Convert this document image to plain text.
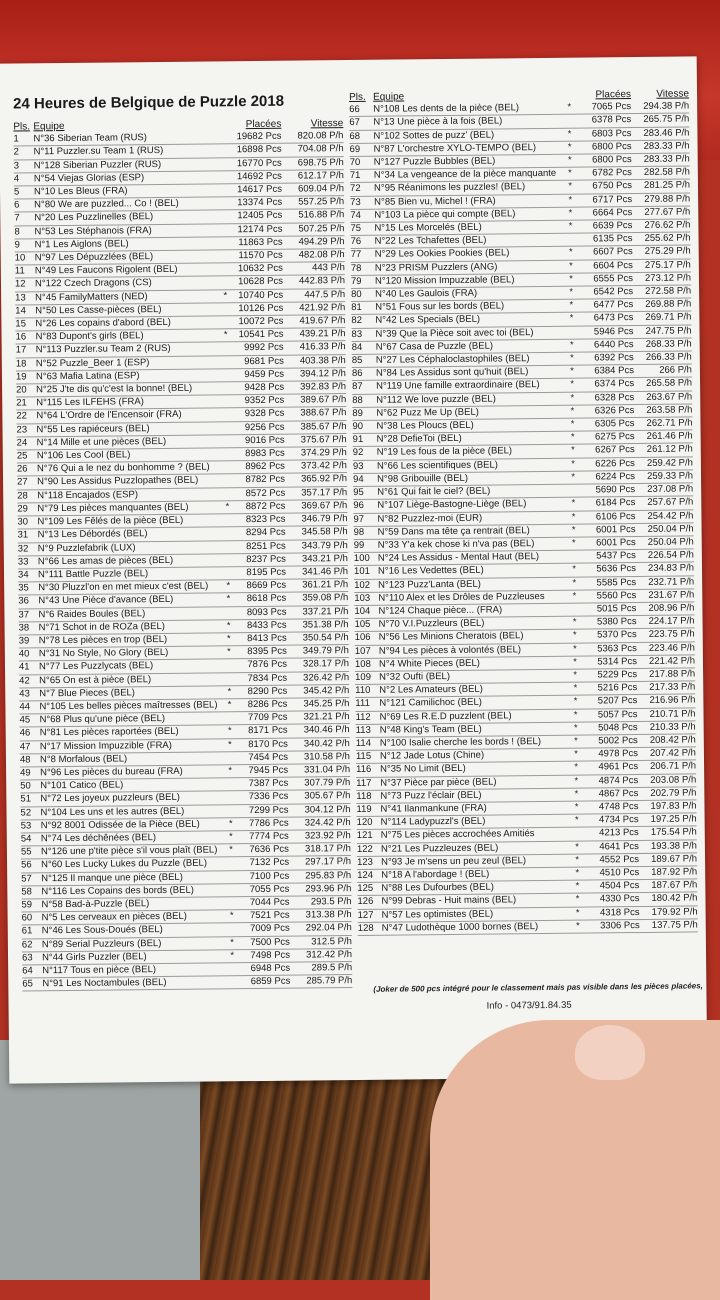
24 Heures de Belgique de Puzzle 2018
Pls. Equipe	Placées	Vitesse
1	N°36 Siberian Team (RUS)	19682 Pcs	820.08 P/h
2	N°11 Puzzler.su Team 1 (RUS)	16898 Pcs	704.08 P/h
3	N°128 Siberian Puzzler (RUS)	16770 Pcs	698.75 P/h
4	N°54 Viejas Glorias (ESP)	14692 Pcs	612.17 P/h
5	N°10 Les Bleus (FRA)	14617 Pcs	609.04 P/h
6	N°80 We are puzzled... Co ! (BEL)	13374 Pcs	557.25 P/h
7	N°20 Les Puzzlinelles (BEL)	12405 Pcs	516.88 P/h
8	N°53 Les Stéphanois (FRA)	12174 Pcs	507.25 P/h
9	N°1 Les Aiglons (BEL)	11863 Pcs	494.29 P/h
10 N°97 Les Dépuzzlées (BEL)	11570 Pcs	482.08 P/h
11	N°49 Les Faucons Rigolent (BEL)	10632 Pcs	443 P/h
12 N°122 Czech Dragons (CS)	10628 Pcs	442.83 P/h
13 N°45 FamilyMatters (NED)	*	10740 Pcs	447.5 P/h
14 N°50 Les Casse-pièces (BEL)	10126 Pcs	421.92 P/h
15 N°26 Les copains d'abord (BEL)	10072 Pcs	419.67 P/h
16 N°83 Dupont's girls (BEL)	*	10541 Pcs	439.21 P/h
17 N°113 Puzzler.su Team 2 (RUS)	9992 Pcs	416.33 P/h
18 N°52 Puzzle_Beer 1 (ESP)	9681 Pcs	403.38 P/h
19 N°63 Mafia Latina (ESP)	9459 Pcs	394.12 P/h
20 N°25 J'te dis qu'c'est la bonne! (BEL)	9428 Pcs	392.83 P/h
21 N°115 Les ILFEHS (FRA)	9352 Pcs	389.67 P/h
22 N°64 L'Ordre de l'Encensoir (FRA)	9328 Pcs	388.67 P/h
23 N°55 Les rapiéceurs (BEL)	9256 Pcs	385.67 P/h
24 N°14 Mille et une pièces (BEL)	9016 Pcs	375.67 P/h
25 N°106 Les Cool (BEL)	8983 Pcs	374.29 P/h
26 N°76 Qui a le nez du bonhomme ? (BEL)	8962 Pcs	373.42 P/h
27 N°90 Les Assidus Puzzlopathes (BEL)	8782 Pcs	365.92 P/h
28 N°118 Encajados (ESP)	8572 Pcs	357.17 P/h
29 N°79 Les pièces manquantes (BEL)	*	8872 Pcs	369.67 P/h
30 N°109 Les Fêlés de la pièce (BEL)	8323 Pcs	346.79 P/h
31 N°13 Les Débordés (BEL)	8294 Pcs	345.58 P/h
32 N°9 Puzzlefabrik (LUX)	8251 Pcs	343.79 P/h
33 N°66 Les amas de pièces (BEL)	8237 Pcs	343.21 P/h
34 N°111 Battle Puzzle (BEL)	8195 Pcs	341.46 P/h
35 N°30 Pluzzl'on en met mieux c'est (BEL)	*	8669 Pcs	361.21 P/h
36 N°43 Une Pièce d'avance (BEL)	*	8618 Pcs	359.08 P/h
37 N°6 Raides Boules (BEL)	8093 Pcs	337.21 P/h
38 N°71 Schot in de ROZa (BEL)	*	8433 Pcs	351.38 P/h
39 N°78 Les pièces en trop (BEL)	*	8413 Pcs	350.54 P/h
40 N°31 No Style, No Glory (BEL)	*	8395 Pcs	349.79 P/h
41 N°77 Les Puzzlycats (BEL)	7876 Pcs	328.17 P/h
42 N°65 On est à pièce (BEL)	7834 Pcs	326.42 P/h
43 N°7 Blue Pieces (BEL)	*	8290 Pcs	345.42 P/h
44 N°105 Les belles pièces maîtresses (BEL)	*	8286 Pcs	345.25 P/h
45 N°68 Plus qu'une pièce (BEL)	7709 Pcs	321.21 P/h
46 N°81 Les pièces raportées (BEL)	*	8171 Pcs	340.46 P/h
47 N°17 Mission Impuzzible (FRA)	*	8170 Pcs	340.42 P/h
48 N°8 Morfalous (BEL)	7454 Pcs	310.58 P/h
49 N°96 Les pièces du bureau (FRA)	*	7945 Pcs	331.04 P/h
50 N°101 Catico (BEL)	7387 Pcs	307.79 P/h
51 N°72 Les joyeux puzzleurs (BEL)	7336 Pcs	305.67 P/h
52 N°104 Les uns et les autres (BEL)	7299 Pcs	304.12 P/h
53 N°92 8001 Odissée de la Pièce (BEL)	*	7786 Pcs	324.42 P/h
54 N°74 Les déchênées (BEL)	*	7774 Pcs	323.92 P/h
55 N°126 une p'tite pièce s'il vous plaît (BEL)	*	7636 Pcs	318.17 P/h
56 N°60 Les Lucky Lukes du Puzzle (BEL)	7132 Pcs	297.17 P/h
57 N°125 Il manque une pièce (BEL)	7100 Pcs	295.83 P/h
58 N°116 Les Copains des bords (BEL)	7055 Pcs	293.96 P/h
59 N°58 Bad-à-Puzzle (BEL)	7044 Pcs	293.5 P/h
60 N°5 Les cerveaux en pièces (BEL)	*	7521 Pcs	313.38 P/h
61 N°46 Les Sous-Doués (BEL)	7009 Pcs	292.04 P/h
62 N°89 Serial Puzzleurs (BEL)	*	7500 Pcs	312.5 P/h
63 N°44 Girls Puzzler (BEL)	*	7498 Pcs	312.42 P/h
64 N°117 Tous en pièce (BEL)	6948 Pcs	289.5 P/h
65 N°91 Les Noctambules (BEL)	6859 Pcs	285.79 P/h
Pls. Equipe	Placées	Vitesse
66	N°108 Les dents de la pièce (BEL)	*	7065 Pcs	294.38 P/h
67	N°13 Une pièce à la fois (BEL)	6378 Pcs	265.75 P/h
68	N°102 Sottes de puzz' (BEL)	*	6803 Pcs	283.46 P/h
69	N°87 L'orchestre XYLO-TEMPO (BEL)	*	6800 Pcs	283.33 P/h
70	N°127 Puzzle Bubbles (BEL)	*	6800 Pcs	283.33 P/h
71	N°34 La vengeance de la pièce manquante	*	6782 Pcs	282.58 P/h
72	N°95 Réanimons les puzzles! (BEL)	*	6750 Pcs	281.25 P/h
73	N°85 Bien vu, Michel ! (FRA)	*	6717 Pcs	279.88 P/h
74	N°103 La pièce qui compte (BEL)	*	6664 Pcs	277.67 P/h
75	N°15 Les Morcelés (BEL)	*	6639 Pcs	276.62 P/h
76	N°22 Les Tchafettes (BEL)	6135 Pcs	255.62 P/h
77	N°29 Les Ookies Pookies (BEL)	*	6607 Pcs	275.29 P/h
78	N°23 PRISM Puzzlers (ANG)	*	6604 Pcs	275.17 P/h
79	N°120 Mission Impuzzable (BEL)	*	6555 Pcs	273.12 P/h
80	N°40 Les Gaulois (FRA)	*	6542 Pcs	272.58 P/h
81	N°51 Fous sur les bords (BEL)	*	6477 Pcs	269.88 P/h
82	N°42 Les Specials (BEL)	*	6473 Pcs	269.71 P/h
83	N°39 Que la Pièce soit avec toi (BEL)	5946 Pcs	247.75 P/h
84	N°67 Casa de Puzzle (BEL)	*	6440 Pcs	268.33 P/h
85	N°27 Les Céphaloclastophiles (BEL)	*	6392 Pcs	266.33 P/h
86	N°84 Les Assidus sont qu'huit (BEL)	*	6384 Pcs	266 P/h
87	N°119 Une famille extraordinaire (BEL)	*	6374 Pcs	265.58 P/h
88	N°112 We love puzzle (BEL)	*	6328 Pcs	263.67 P/h
89	N°62 Puzz Me Up (BEL)	*	6326 Pcs	263.58 P/h
90	N°38 Les Ploucs (BEL)	*	6305 Pcs	262.71 P/h
91	N°28 DefieToi (BEL)	*	6275 Pcs	261.46 P/h
92	N°19 Les fous de la pièce (BEL)	*	6267 Pcs	261.12 P/h
93	N°66 Les scientifiques (BEL)	*	6226 Pcs	259.42 P/h
94	N°98 Gribouille (BEL)	*	6224 Pcs	259.33 P/h
95	N°61 Qui fait le ciel? (BEL)	5690 Pcs	237.08 P/h
96	N°107 Liège-Bastogne-Liège (BEL)	*	6184 Pcs	257.67 P/h
97	N°82 Puzzlez-moi (EUR)	*	6106 Pcs	254.42 P/h
98	N°59 Dans ma tête ça rentrait (BEL)	*	6001 Pcs	250.04 P/h
99	N°33 Y'a kek chose ki n'va pas (BEL)	*	6001 Pcs	250.04 P/h
100 N°24 Les Assidus - Mental Haut (BEL)	5437 Pcs	226.54 P/h
101 N°16 Les Vedettes (BEL)	*	5636 Pcs	234.83 P/h
102 N°123 Puzz'Lanta (BEL)	*	5585 Pcs	232.71 P/h
103 N°110 Alex et les Drôles de Puzzleuses	*	5560 Pcs	231.67 P/h
104 N°124 Chaque pièce... (FRA)	5015 Pcs	208.96 P/h
105 N°70 V.I.Puzzleurs (BEL)	*	5380 Pcs	224.17 P/h
106 N°56 Les Minions Cheratois (BEL)	*	5370 Pcs	223.75 P/h
107 N°94 Les pièces à volontés (BEL)	*	5363 Pcs	223.46 P/h
108 N°4 White Pieces (BEL)	*	5314 Pcs	221.42 P/h
109 N°32 Oufti (BEL)	*	5229 Pcs	217.88 P/h
110 N°2 Les Amateurs (BEL)	*	5216 Pcs	217.33 P/h
111 N°121 Camilichoc (BEL)	*	5207 Pcs	216.96 P/h
112 N°69 Les R.E.D puzzlent (BEL)	*	5057 Pcs	210.71 P/h
113 N°48 King's Team (BEL)	*	5048 Pcs	210.33 P/h
114 N°100 Isalie cherche les bords ! (BEL)	*	5002 Pcs	208.42 P/h
115 N°12 Jade Lotus (Chine)	*	4978 Pcs	207.42 P/h
116 N°35 No Limit (BEL)	*	4961 Pcs	206.71 P/h
117 N°37 Pièce par pièce (BEL)	*	4874 Pcs	203.08 P/h
118 N°73 Puzz l'éclair (BEL)	*	4867 Pcs	202.79 P/h
119 N°41 Ilanmankune (FRA)	*	4748 Pcs	197.83 P/h
120 N°114 Ladypuzzl's (BEL)	*	4734 Pcs	197.25 P/h
121 N°75 Les pièces accrochées Amitiés	4213 Pcs	175.54 P/h
122 N°21 Les Puzzleuzes (BEL)	*	4641 Pcs	193.38 P/h
123 N°93 Je m'sens un peu zeul (BEL)	*	4552 Pcs	189.67 P/h
124 N°18 A l'abordage ! (BEL)	*	4510 Pcs	187.92 P/h
125 N°88 Les Dufourbes (BEL)	*	4504 Pcs	187.67 P/h
126 N°99 Debras - Huit mains (BEL)	*	4330 Pcs	180.42 P/h
127 N°57 Les optimistes (BEL)	*	4318 Pcs	179.92 P/h
128 N°47 Ludothèque 1000 bornes (BEL)	*	3306 Pcs	137.75 P/h
(Joker de 500 pcs intégré pour le classement mais pas visible dans les pièces placées,
Info - 0473/91.84.35
